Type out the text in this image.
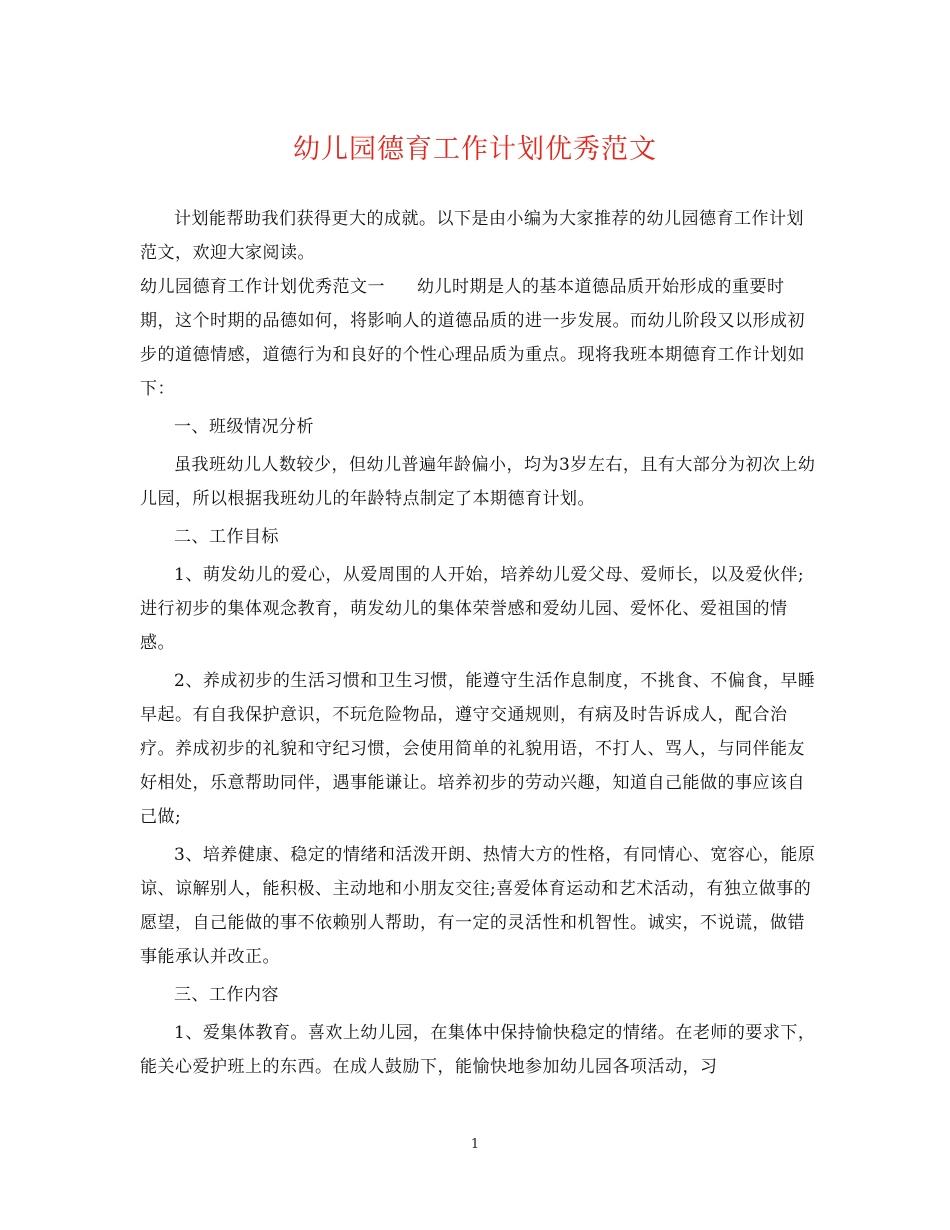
幼儿园德育工作计划优秀范文

计划能帮助我们获得更大的成就。以下是由小编为大家推荐的幼儿园德育工作计划范文，欢迎大家阅读。

幼儿园德育工作计划优秀范文一 幼儿时期是人的基本道德品质开始形成的重要时期，这个时期的品德如何，将影响人的道德品质的进一步发展。而幼儿阶段又以形成初步的道德情感，道德行为和良好的个性心理品质为重点。现将我班本期德育工作计划如下：

一、班级情况分析

虽我班幼儿人数较少，但幼儿普遍年龄偏小，均为3岁左右，且有大部分为初次上幼儿园，所以根据我班幼儿的年龄特点制定了本期德育计划。

二、工作目标

1、萌发幼儿的爱心，从爱周围的人开始，培养幼儿爱父母、爱师长，以及爱伙伴;进行初步的集体观念教育，萌发幼儿的集体荣誉感和爱幼儿园、爱怀化、爱祖国的情感。

2、养成初步的生活习惯和卫生习惯，能遵守生活作息制度，不挑食、不偏食，早睡早起。有自我保护意识，不玩危险物品，遵守交通规则，有病及时告诉成人，配合治疗。养成初步的礼貌和守纪习惯，会使用简单的礼貌用语，不打人、骂人，与同伴能友好相处，乐意帮助同伴，遇事能谦让。培养初步的劳动兴趣，知道自己能做的事应该自己做;

3、培养健康、稳定的情绪和活泼开朗、热情大方的性格，有同情心、宽容心，能原谅、谅解别人，能积极、主动地和小朋友交往;喜爱体育运动和艺术活动，有独立做事的愿望，自己能做的事不依赖别人帮助，有一定的灵活性和机智性。诚实，不说谎，做错事能承认并改正。

三、工作内容

1、爱集体教育。喜欢上幼儿园，在集体中保持愉快稳定的情绪。在老师的要求下，能关心爱护班上的东西。在成人鼓励下，能愉快地参加幼儿园各项活动，习

1
